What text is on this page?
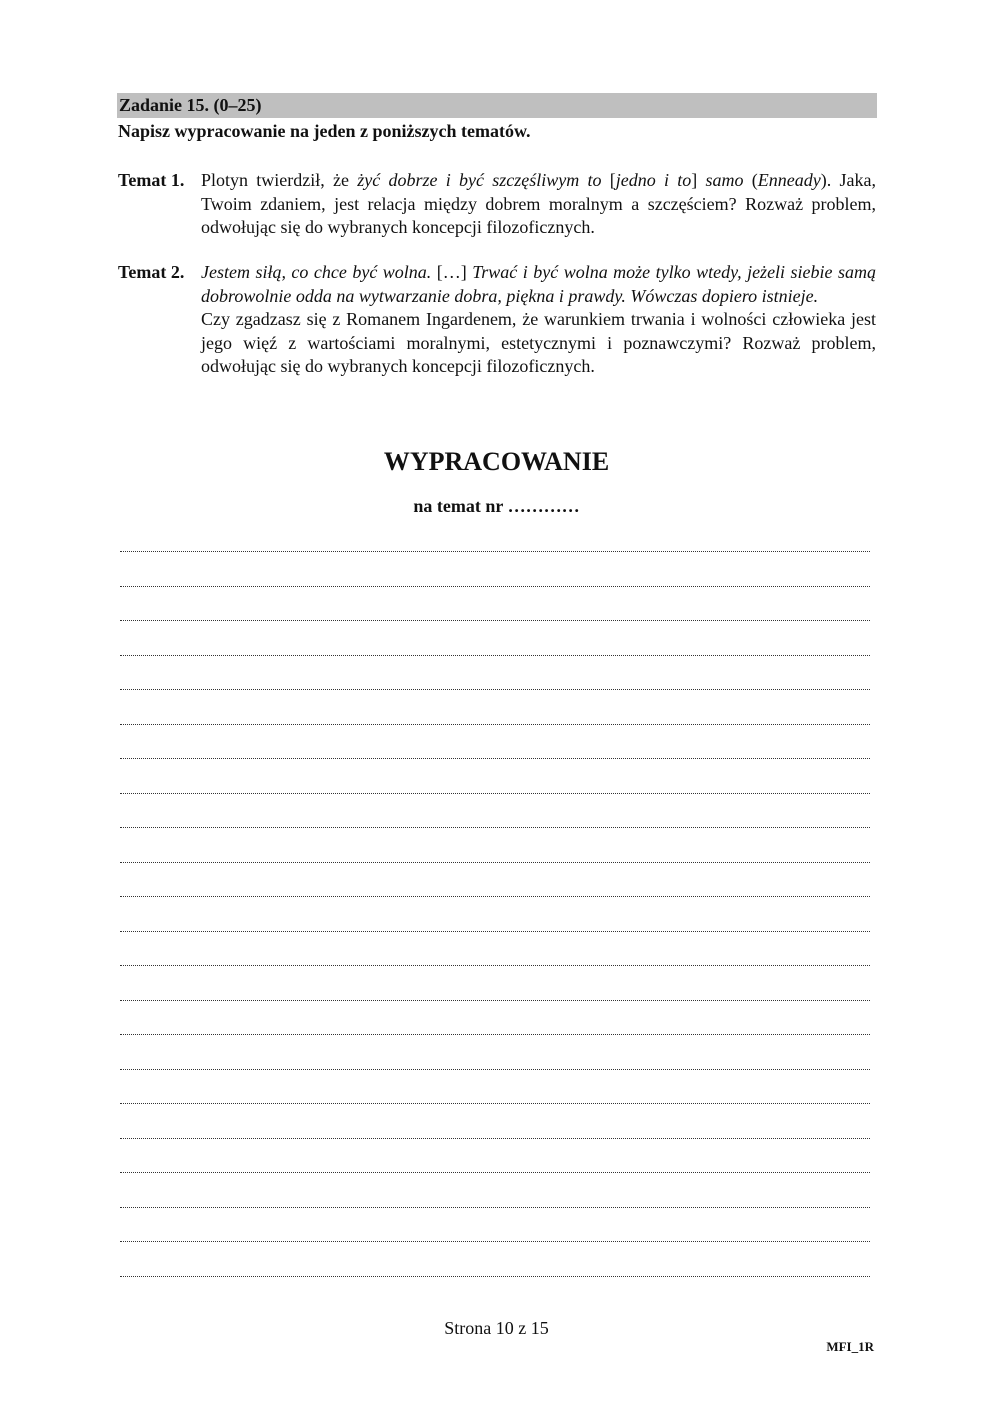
Zadanie 15. (0–25)
Napisz wypracowanie na jeden z poniższych tematów.
Temat 1. Plotyn twierdził, że żyć dobrze i być szczęśliwym to [jedno i to] samo (Enneady). Jaka, Twoim zdaniem, jest relacja między dobrem moralnym a szczęściem? Rozważ problem, odwołując się do wybranych koncepcji filozoficznych.

Temat 2. Jestem siłą, co chce być wolna. […] Trwać i być wolna może tylko wtedy, jeżeli siebie samą dobrowolnie odda na wytwarzanie dobra, piękna i prawdy. Wówczas dopiero istnieje.

Czy zgadzasz się z Romanem Ingardenem, że warunkiem trwania i wolności człowieka jest jego więź z wartościami moralnymi, estetycznymi i poznawczymi? Rozważ problem, odwołując się do wybranych koncepcji filozoficznych.

WYPRACOWANIE
na temat nr …………
Strona 10 z 15
MFI_1R
